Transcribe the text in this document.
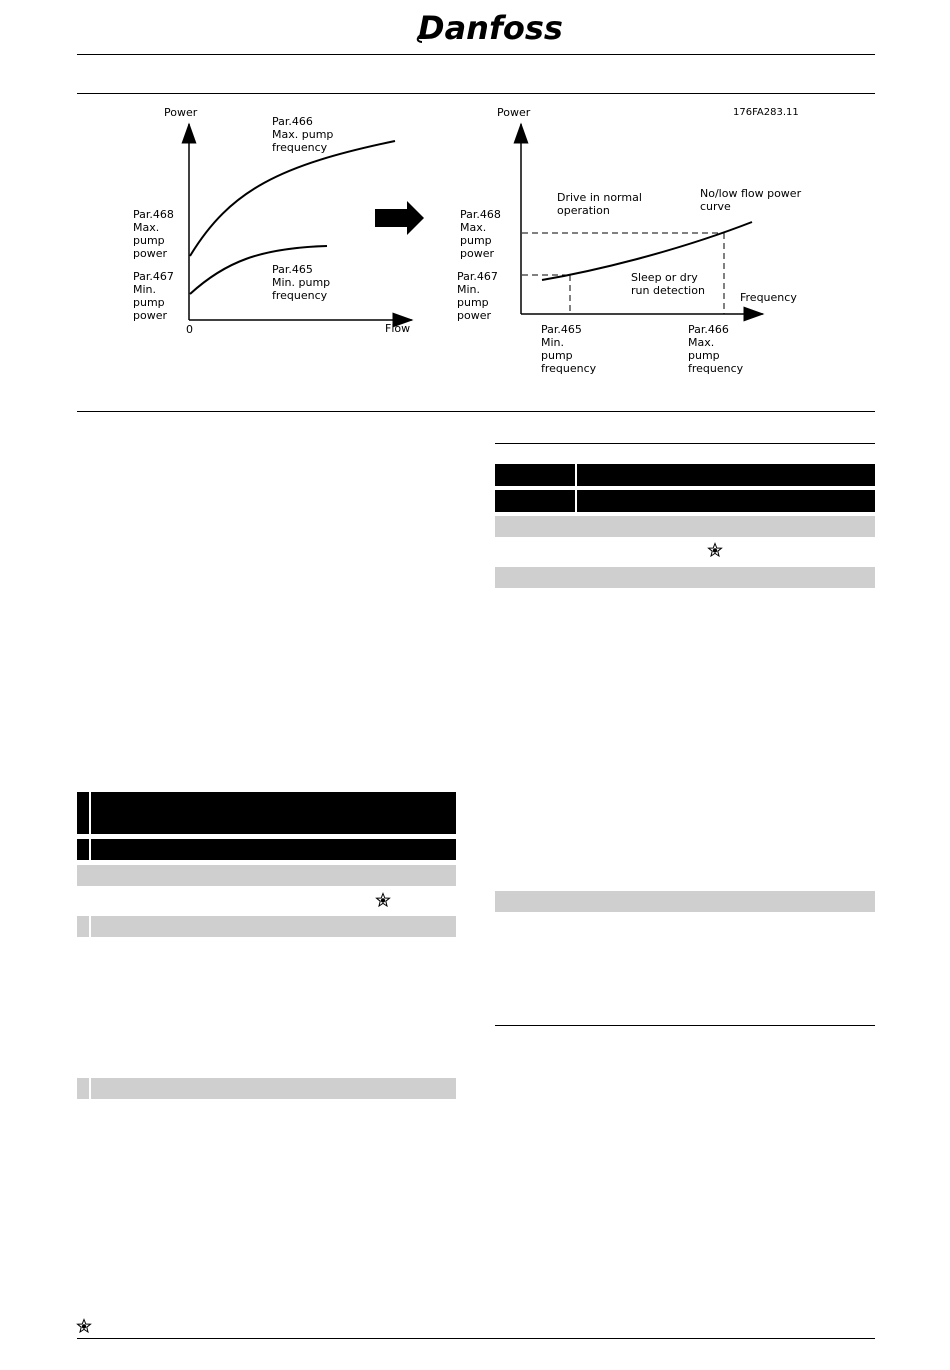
Danfoss
176FA283.11
Power
Flow
0
Par.466 Max. pump frequency
Par.465 Min. pump frequency
Par.468 Max. pump power
Par.467 Min. pump power
Power
Frequency
Drive in normal operation
No/low flow power curve
Sleep or dry run detection
Par.468 Max. pump power
Par.467 Min. pump power
Par.465 Min. pump frequency
Par.466 Max. pump frequency
